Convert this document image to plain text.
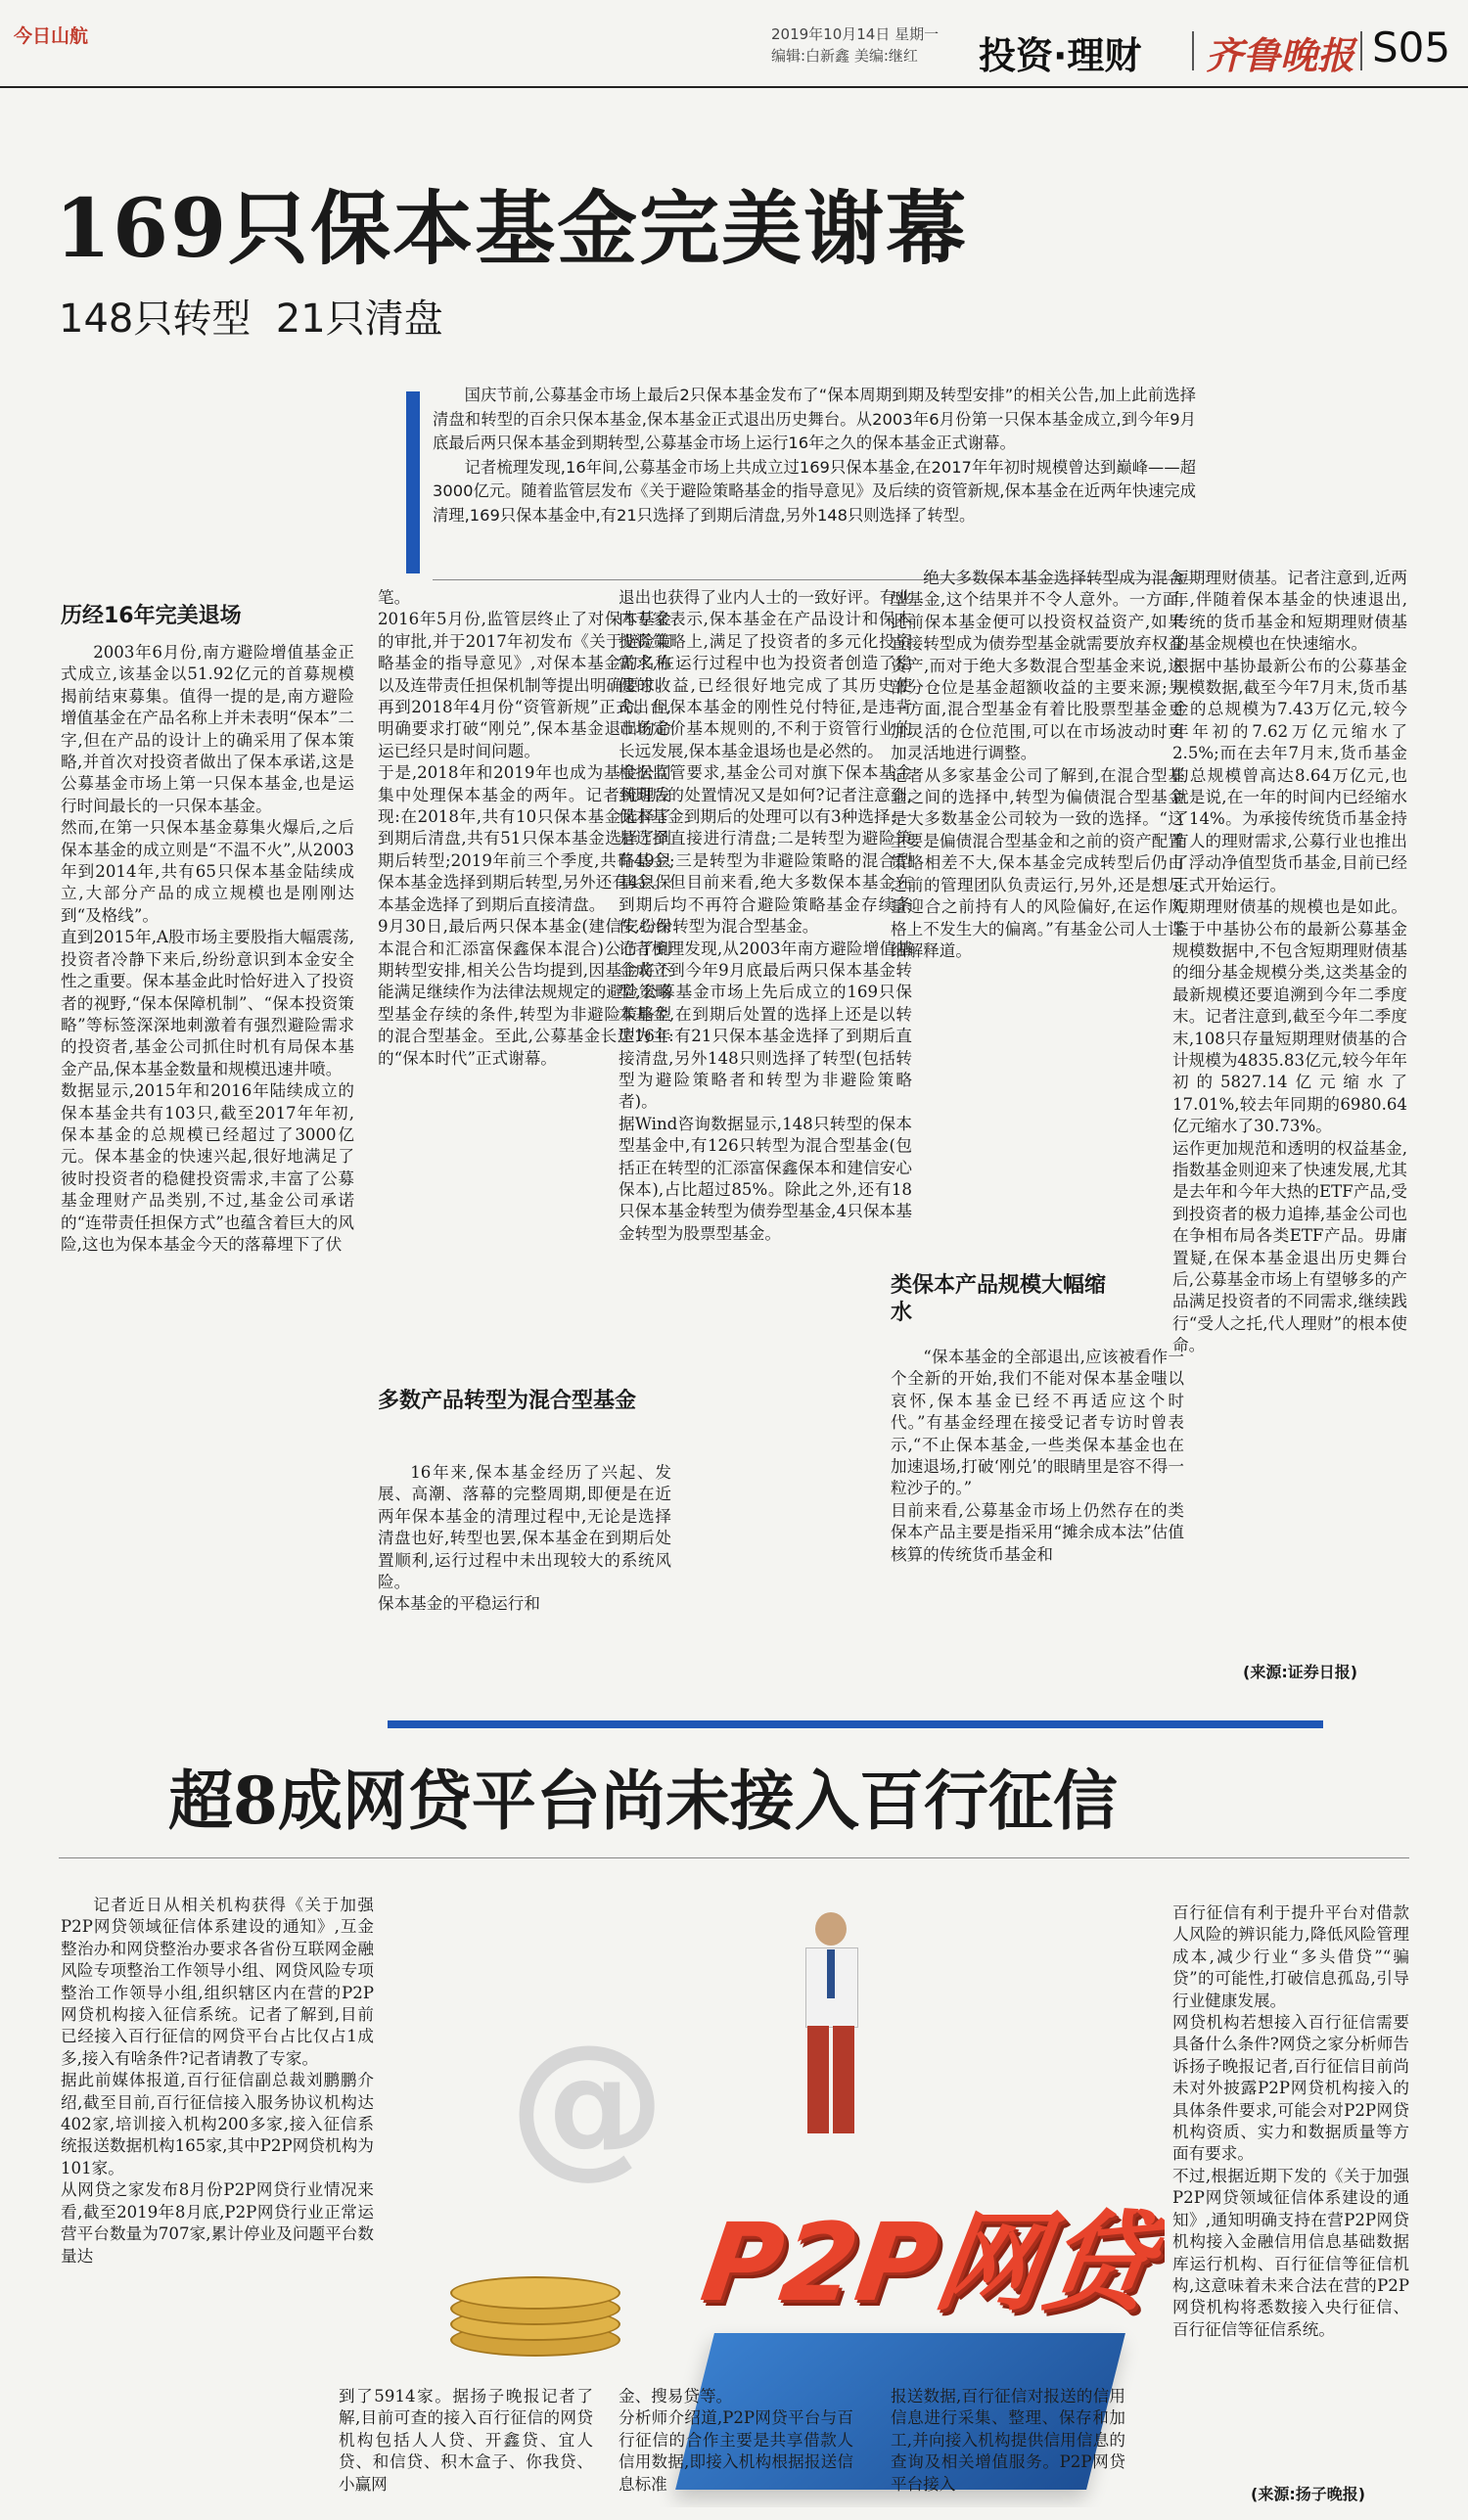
今日山航	2019年10月14日 星期一
编辑:白新鑫 美编:继红 投资·理财 齐鲁晚报 S05
169只保本基金完美谢幕
148只转型  21只清盘
国庆节前,公募基金市场上最后2只保本基金发布了“保本周期到期及转型安排”的相关公告,加上此前选择清盘和转型的百余只保本基金,保本基金正式退出历史舞台。从2003年6月份第一只保本基金成立,到今年9月底最后两只保本基金到期转型,公募基金市场上运行16年之久的保本基金正式谢幕。
记者梳理发现,16年间,公募基金市场上共成立过169只保本基金,在2017年年初时规模曾达到巅峰——超3000亿元。随着监管层发布《关于避险策略基金的指导意见》及后续的资管新规,保本基金在近两年快速完成清理,169只保本基金中,有21只选择了到期后清盘,另外148只则选择了转型。
历经16年完美退场
2003年6月份,南方避险增值基金正式成立,该基金以51.92亿元的首募规模揭前结束募集。值得一提的是,南方避险增值基金在产品名称上并未表明“保本”二字,但在产品的设计上的确采用了保本策略,并首次对投资者做出了保本承诺,这是公募基金市场上第一只保本基金,也是运行时间最长的一只保本基金。
然而,在第一只保本基金募集火爆后,之后保本基金的成立则是“不温不火”,从2003年到2014年,共有65只保本基金陆续成立,大部分产品的成立规模也是刚刚达到“及格线”。
直到2015年,A股市场主要股指大幅震荡,投资者冷静下来后,纷纷意识到本金安全性之重要。保本基金此时恰好进入了投资者的视野,“保本保障机制”、“保本投资策略”等标签深深地刺激着有强烈避险需求的投资者,基金公司抓住时机有局保本基金产品,保本基金数量和规模迅速井喷。
数据显示,2015年和2016年陆续成立的保本基金共有103只,截至2017年年初,保本基金的总规模已经超过了3000亿元。保本基金的快速兴起,很好地满足了彼时投资者的稳健投资需求,丰富了公募基金理财产品类别,不过,基金公司承诺的“连带责任担保方式”也蕴含着巨大的风险,这也为保本基金今天的落幕埋下了伏
笔。
2016年5月份,监管层终止了对保本基金的审批,并于2017年初发布《关于避险策略基金的指导意见》,对保本基金的名称以及连带责任担保机制等提出明确要求。再到2018年4月份“资管新规”正式出台,明确要求打破“刚兑”,保本基金退出的命运已经只是时间问题。
于是,2018年和2019年也成为基金公司集中处理保本基金的两年。记者梳理发现:在2018年,共有10只保本基金选择了到期后清盘,共有51只保本基金选择了到期后转型;2019年前三个季度,共有49只保本基金选择到期后转型,另外还有4只保本基金选择了到期后直接清盘。
9月30日,最后两只保本基金(建信安心保本混合和汇添富保鑫保本混合)公布了到期转型安排,相关公告均提到,因基金将不能满足继续作为法律法规规定的避险策略型基金存续的条件,转型为非避险策略型的混合型基金。至此,公募基金长达16年的“保本时代”正式谢幕。
多数产品转型为混合型基金
16年来,保本基金经历了兴起、发展、高潮、落幕的完整周期,即便是在近两年保本基金的清理过程中,无论是选择清盘也好,转型也罢,保本基金在到期后处置顺利,运行过程中未出现较大的系统风险。
保本基金的平稳运行和
退出也获得了业内人士的一致好评。有业内专家表示,保本基金在产品设计和保本投资策略上,满足了投资者的多元化投资需求,在运行过程中也为投资者创造了稳健的收益,已经很好地完成了其历史使命。但保本基金的刚性兑付特征,是违背市场定价基本规则的,不利于资管行业的长远发展,保本基金退场也是必然的。
根据监管要求,基金公司对旗下保本基金到期后的处置情况又是如何?记者注意到,保本基金到期后的处理可以有3种选择:一是选择直接进行清盘;二是转型为避险策略基金;三是转型为非避险策略的混合型基金。但目前来看,绝大多数保本基金在到期后均不再符合避险策略基金存续条件,纷纷转型为混合型基金。
记者梳理发现,从2003年南方避险增值基金成立到今年9月底最后两只保本基金转型,公募基金市场上先后成立的169只保本基金,在到期后处置的选择上还是以转型为主:有21只保本基金选择了到期后直接清盘,另外148只则选择了转型(包括转型为避险策略者和转型为非避险策略者)。
据Wind咨询数据显示,148只转型的保本型基金中,有126只转型为混合型基金(包括正在转型的汇添富保鑫保本和建信安心保本),占比超过85%。除此之外,还有18只保本基金转型为债券型基金,4只保本基金转型为股票型基金。
绝大多数保本基金选择转型成为混合型基金,这个结果并不令人意外。一方面,此前保本基金便可以投资权益资产,如果直接转型成为债券型基金就需要放弃权益资产,而对于绝大多数混合型基金来说,这部分仓位是基金超额收益的主要来源;另一方面,混合型基金有着比股票型基金更加灵活的仓位范围,可以在市场波动时更加灵活地进行调整。
记者从多家基金公司了解到,在混合型基金之间的选择中,转型为偏债混合型基金是大多数基金公司较为一致的选择。“这主要是偏债混合型基金和之前的资产配置策略相差不大,保本基金完成转型后仍由之前的管理团队负责运行,另外,还是想尽量迎合之前持有人的风险偏好,在运作风格上不发生大的偏离。”有基金公司人士详细解释道。
类保本产品规模大幅缩水
“保本基金的全部退出,应该被看作一个全新的开始,我们不能对保本基金嗤以哀怀,保本基金已经不再适应这个时代。”有基金经理在接受记者专访时曾表示,“不止保本基金,一些类保本基金也在加速退场,打破‘刚兑’的眼睛里是容不得一粒沙子的。”
目前来看,公募基金市场上仍然存在的类保本产品主要是指采用“摊余成本法”估值核算的传统货币基金和
短期理财债基。记者注意到,近两年,伴随着保本基金的快速退出,传统的货币基金和短期理财债基的基金规模也在快速缩水。
根据中基协最新公布的公募基金规模数据,截至今年7月末,货币基金的总规模为7.43万亿元,较今年年初的7.62万亿元缩水了2.5%;而在去年7月末,货币基金的总规模曾高达8.64万亿元,也就是说,在一年的时间内已经缩水了14%。为承接传统货币基金持有人的理财需求,公募行业也推出了浮动净值型货币基金,目前已经正式开始运行。
短期理财债基的规模也是如此。鉴于中基协公布的最新公募基金规模数据中,不包含短期理财债基的细分基金规模分类,这类基金的最新规模还要追溯到今年二季度末。记者注意到,截至今年二季度末,108只存量短期理财债基的合计规模为4835.83亿元,较今年年初的5827.14亿元缩水了17.01%,较去年同期的6980.64亿元缩水了30.73%。
运作更加规范和透明的权益基金,指数基金则迎来了快速发展,尤其是去年和今年大热的ETF产品,受到投资者的极力追捧,基金公司也在争相布局各类ETF产品。毋庸置疑,在保本基金退出历史舞台后,公募基金市场上有望够多的产品满足投资者的不同需求,继续践行“受人之托,代人理财”的根本使命。
(来源:证券日报)
超8成网贷平台尚未接入百行征信
记者近日从相关机构获得《关于加强P2P网贷领域征信体系建设的通知》,互金整治办和网贷整治办要求各省份互联网金融风险专项整治工作领导小组、网贷风险专项整治工作领导小组,组织辖区内在营的P2P网贷机构接入征信系统。记者了解到,目前已经接入百行征信的网贷平台占比仅占1成多,接入有啥条件?记者请教了专家。
据此前媒体报道,百行征信副总裁刘鹏鹏介绍,截至目前,百行征信接入服务协议机构达402家,培训接入机构200多家,接入征信系统报送数据机构165家,其中P2P网贷机构为101家。
从网贷之家发布8月份P2P网贷行业情况来看,截至2019年8月底,P2P网贷行业正常运营平台数量为707家,累计停业及问题平台数量达
@
P2P网贷
到了5914家。据扬子晚报记者了解,目前可查的接入百行征信的网贷机构包括人人贷、开鑫贷、宜人贷、和信贷、积木盒子、你我贷、小赢网
金、搜易贷等。
分析师介绍道,P2P网贷平台与百行征信的合作主要是共享借款人信用数据,即接入机构根据报送信息标准
报送数据,百行征信对报送的信用信息进行采集、整理、保存和加工,并向接入机构提供信用信息的查询及相关增值服务。P2P网贷平台接入
百行征信有利于提升平台对借款人风险的辨识能力,降低风险管理成本,减少行业“多头借贷”“骗贷”的可能性,打破信息孤岛,引导行业健康发展。
网贷机构若想接入百行征信需要具备什么条件?网贷之家分析师告诉扬子晚报记者,百行征信目前尚未对外披露P2P网贷机构接入的具体条件要求,可能会对P2P网贷机构资质、实力和数据质量等方面有要求。
不过,根据近期下发的《关于加强P2P网贷领域征信体系建设的通知》,通知明确支持在营P2P网贷机构接入金融信用信息基础数据库运行机构、百行征信等征信机构,这意味着未来合法在营的P2P网贷机构将悉数接入央行征信、百行征信等征信系统。
(来源:扬子晚报)
